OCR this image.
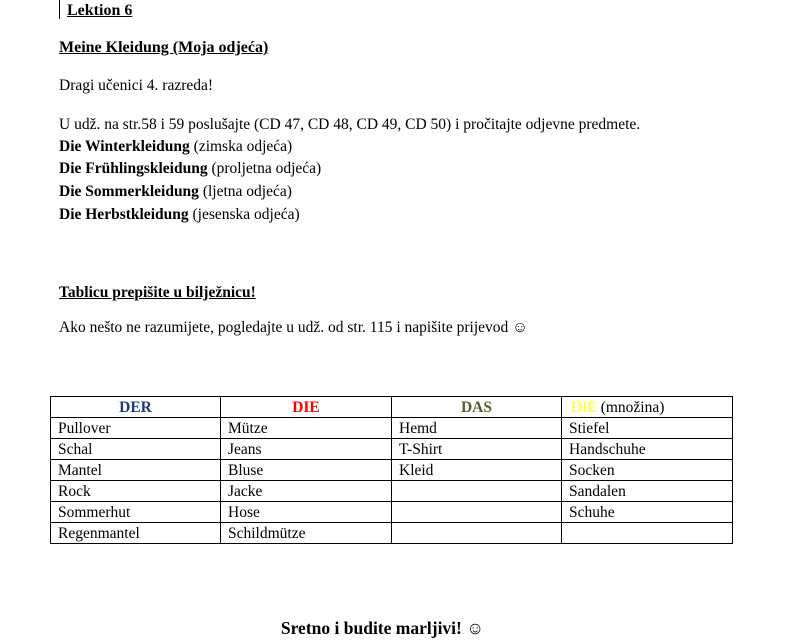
Lektion 6
Meine Kleidung (Moja odjeća)
Dragi učenici 4. razreda!
U udž. na str.58 i 59 poslušajte (CD 47, CD 48, CD 49, CD 50) i pročitajte odjevne predmete.
Die Winterkleidung (zimska odjeća)
Die Frühlingskleidung (proljetna odjeća)
Die Sommerkleidung (ljetna odjeća)
Die Herbstkleidung (jesenska odjeća)
Tablicu prepišite u bilježnicu!
Ako nešto ne razumijete, pogledajte u udž. od str. 115 i napišite prijevod ☺
DER	DIE	DAS	DIE (množina)
Pullover	Mütze	Hemd	Stiefel
Schal	Jeans	T-Shirt	Handschuhe
Mantel	Bluse	Kleid	Socken
Rock	Jacke		Sandalen
Sommerhut	Hose		Schuhe
Regenmantel	Schildmütze		
Sretno i budite marljivi! ☺
